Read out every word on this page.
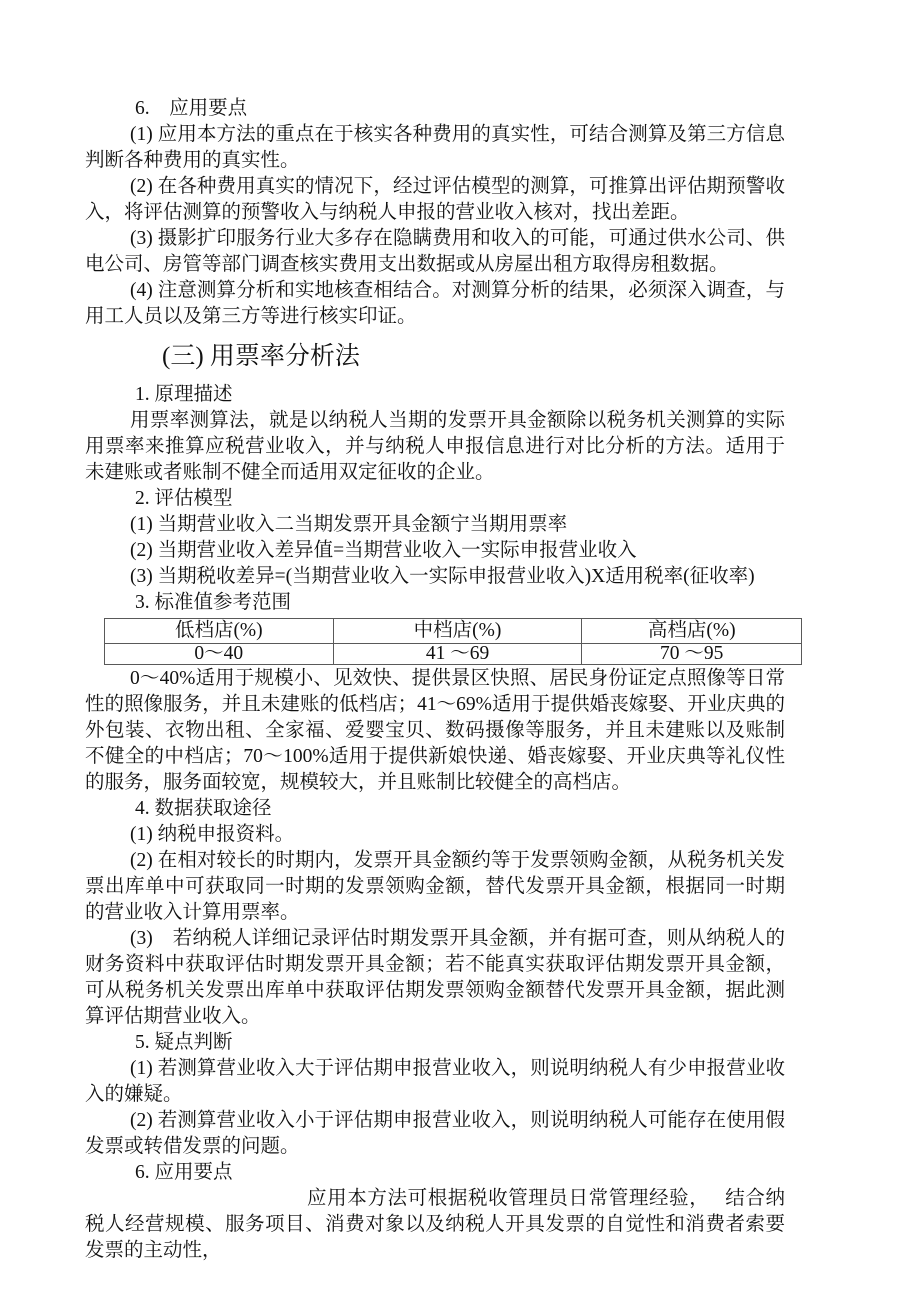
6.　应用要点

(1) 应用本方法的重点在于核实各种费用的真实性，可结合测算及第三方信息判断各种费用的真实性。

(2) 在各种费用真实的情况下，经过评估模型的测算，可推算出评估期预警收入，将评估测算的预警收入与纳税人申报的营业收入核对，找出差距。

(3) 摄影扩印服务行业大多存在隐瞒费用和收入的可能，可通过供水公司、供电公司、房管等部门调查核实费用支出数据或从房屋出租方取得房租数据。

(4) 注意测算分析和实地核查相结合。对测算分析的结果，必须深入调查，与用工人员以及第三方等进行核实印证。

(三) 用票率分析法

1. 原理描述

用票率测算法，就是以纳税人当期的发票开具金额除以税务机关测算的实际用票率来推算应税营业收入，并与纳税人申报信息进行对比分析的方法。适用于未建账或者账制不健全而适用双定征收的企业。

2. 评估模型

(1) 当期营业收入二当期发票开具金额宁当期用票率

(2) 当期营业收入差异值=当期营业收入一实际申报营业收入

(3) 当期税收差异=(当期营业收入一实际申报营业收入)X适用税率(征收率)

3. 标准值参考范围

低档店(%)	中档店(%)	高档店(%)
0～40	41 ～69	70 ～95

0～40%适用于规模小、见效快、提供景区快照、居民身份证定点照像等日常性的照像服务，并且未建账的低档店；41～69%适用于提供婚丧嫁娶、开业庆典的外包装、衣物出租、全家福、爱婴宝贝、数码摄像等服务，并且未建账以及账制不健全的中档店；70～100%适用于提供新娘快递、婚丧嫁娶、开业庆典等礼仪性的服务，服务面较宽，规模较大，并且账制比较健全的高档店。

4. 数据获取途径

(1) 纳税申报资料。

(2) 在相对较长的时期内，发票开具金额约等于发票领购金额，从税务机关发票出库单中可获取同一时期的发票领购金额，替代发票开具金额，根据同一时期的营业收入计算用票率。

(3)　若纳税人详细记录评估时期发票开具金额，并有据可查，则从纳税人的财务资料中获取评估时期发票开具金额；若不能真实获取评估期发票开具金额，可从税务机关发票出库单中获取评估期发票领购金额替代发票开具金额，据此测算评估期营业收入。

5. 疑点判断

(1) 若测算营业收入大于评估期申报营业收入，则说明纳税人有少申报营业收入的嫌疑。

(2) 若测算营业收入小于评估期申报营业收入，则说明纳税人可能存在使用假发票或转借发票的问题。

6. 应用要点

应用本方法可根据税收管理员日常管理经验，　 结合纳税人经营规模、服务项目、消费对象以及纳税人开具发票的自觉性和消费者索要发票的主动性，
